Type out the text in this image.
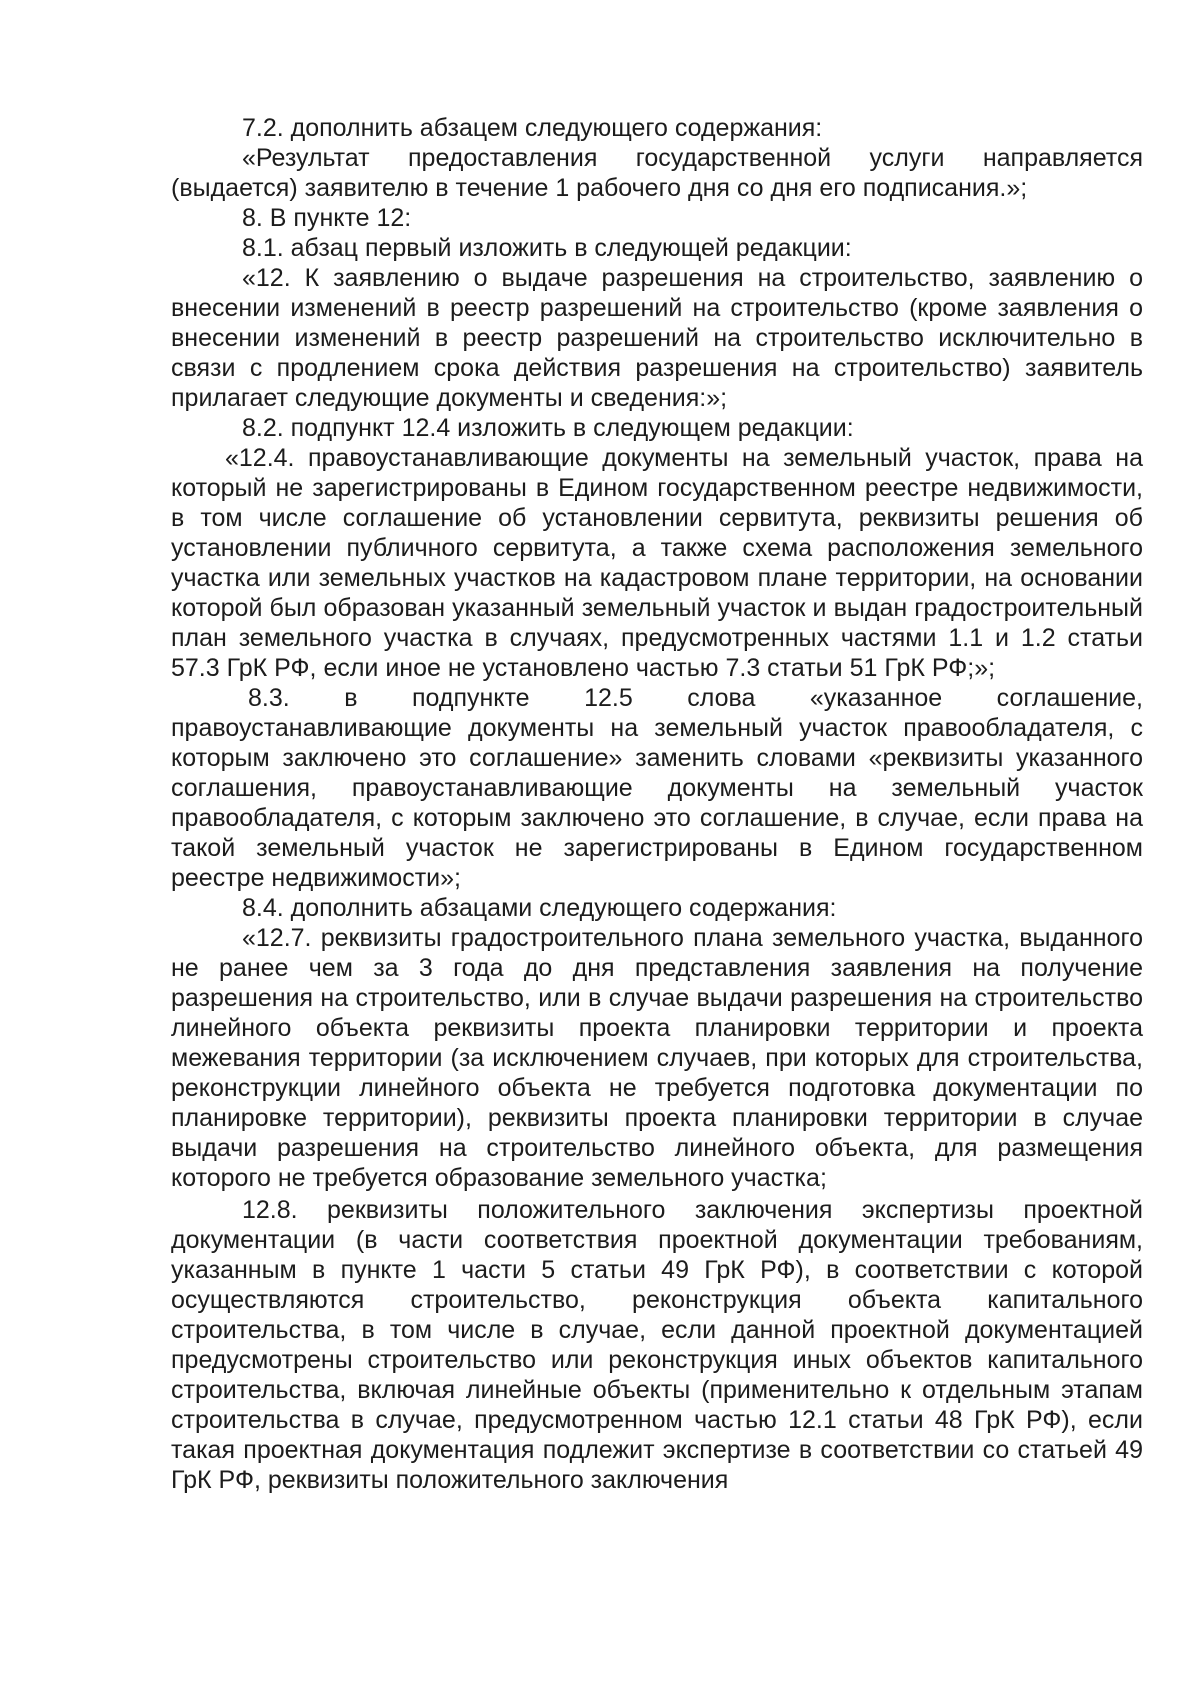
7.2. дополнить абзацем следующего содержания:

«Результат предоставления государственной услуги направляется (выдается) заявителю в течение 1 рабочего дня со дня его подписания.»;

8. В пункте 12:

8.1. абзац первый изложить в следующей редакции:

«12. К заявлению о выдаче разрешения на строительство, заявлению о внесении изменений в реестр разрешений на строительство (кроме заявления о внесении изменений в реестр разрешений на строительство исключительно в связи с продлением срока действия разрешения на строительство) заявитель прилагает следующие документы и сведения:»;

8.2. подпункт 12.4 изложить в следующем редакции:

«12.4. правоустанавливающие документы на земельный участок, права на который не зарегистрированы в Едином государственном реестре недвижимости, в том числе соглашение об установлении сервитута, реквизиты решения об установлении публичного сервитута, а также схема расположения земельного участка или земельных участков на кадастровом плане территории, на основании которой был образован указанный земельный участок и выдан градостроительный план земельного участка в случаях, предусмотренных частями 1.1 и 1.2 статьи 57.3 ГрК РФ, если иное не установлено частью 7.3 статьи 51 ГрК РФ;»;

8.3. в подпункте 12.5 слова «указанное соглашение, правоустанавливающие документы на земельный участок правообладателя, с которым заключено это соглашение» заменить словами «реквизиты указанного соглашения, правоустанавливающие документы на земельный участок правообладателя, с которым заключено это соглашение, в случае, если права на такой земельный участок не зарегистрированы в Едином государственном реестре недвижимости»;

8.4. дополнить абзацами следующего содержания:

«12.7. реквизиты градостроительного плана земельного участка, выданного не ранее чем за 3 года до дня представления заявления на получение разрешения на строительство, или в случае выдачи разрешения на строительство линейного объекта реквизиты проекта планировки территории и проекта межевания территории (за исключением случаев, при которых для строительства, реконструкции линейного объекта не требуется подготовка документации по планировке территории), реквизиты проекта планировки территории в случае выдачи разрешения на строительство линейного объекта, для размещения которого не требуется образование земельного участка;

12.8. реквизиты положительного заключения экспертизы проектной документации (в части соответствия проектной документации требованиям, указанным в пункте 1 части 5 статьи 49 ГрК РФ), в соответствии с которой осуществляются строительство, реконструкция объекта капитального строительства, в том числе в случае, если данной проектной документацией предусмотрены строительство или реконструкция иных объектов капитального строительства, включая линейные объекты (применительно к отдельным этапам строительства в случае, предусмотренном частью 12.1 статьи 48 ГрК РФ), если такая проектная документация подлежит экспертизе в соответствии со статьей 49 ГрК РФ, реквизиты положительного заключения
